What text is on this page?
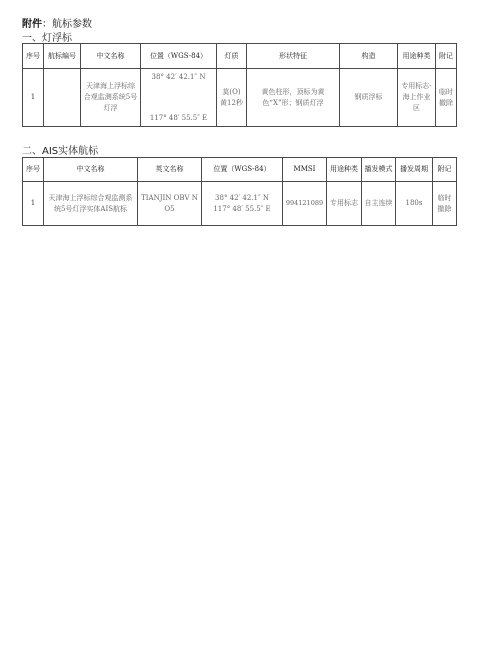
附件：航标参数
一、灯浮标
序号	航标编号	中文名称	位置（WGS-84）	灯质	形状特征	构造	用途种类	附记
1		天津海上浮标综合观监测系统5号灯浮	38° 42′ 42.1″ N
117° 48′ 55.5″ E	莫(O)黄12秒	黄色柱形，顶标为黄色“X”形；钢质灯浮	钢质浮标	专用标志-海上作业区	临时撤除
二、AIS实体航标
序号	中文名称	英文名称	位置（WGS-84）	MMSI	用途种类	播发模式	播发周期	附记
1	天津海上浮标综合观监测系统5号灯浮实体AIS航标	TIANJIN OBV NO5	38° 42′ 42.1″ N
117° 48′ 55.5″ E	994121089	专用标志	自主连续	180s	临时撤除
